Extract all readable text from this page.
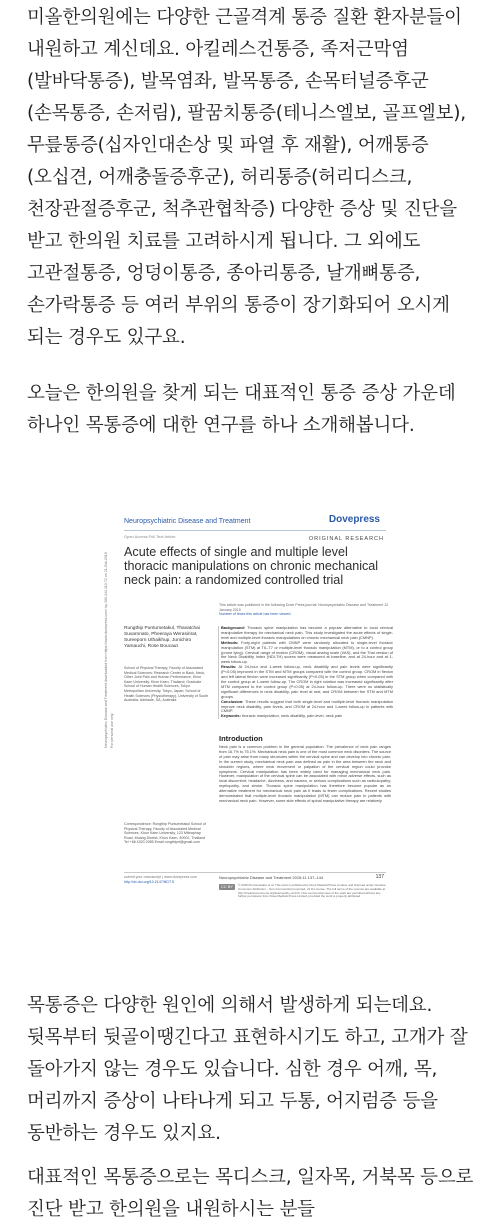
미올한의원에는 다양한 근골격계 통증 질환 환자분들이 내원하고 계신데요. 아킬레스건통증, 족저근막염(발바닥통증), 발목염좌, 발목통증, 손목터널증후군(손목통증, 손저림), 팔꿈치통증(테니스엘보, 골프엘보), 무릎통증(십자인대손상 및 파열 후 재활), 어깨통증(오십견, 어깨충돌증후군), 허리통증(허리디스크, 천장관절증후군, 척추관협착증) 다양한 증상 및 진단을 받고 한의원 치료를 고려하시게 됩니다. 그 외에도 고관절통증, 엉덩이통증, 종아리통증, 날개뼈통증, 손가락통증 등 여러 부위의 통증이 장기화되어 오시게 되는 경우도 있구요.

오늘은 한의원을 찾게 되는 대표적인 통증 증상 가운데 하나인 목통증에 대한 연구를 하나 소개해봅니다.

Neuropsychiatric Disease and Treatment	Dovepress
Open Access Full Text Article	ORIGINAL RESEARCH
Acute effects of single and multiple level thoracic manipulations on chronic mechanical neck pain: a randomized controlled trial
Neuropsychiatric Disease and Treatment downloaded from https://www.dovepress.com/ by 106.241.110.72 on 21-Oct-2019 For personal use only.
This article was published in the following Dove Press journal: Neuropsychiatric Disease and Treatment 12 January 2015
Number of times this article has been viewed
Rungthip Puntumetakul, Thavatchai Suvarnnato, Pheeraya Werasirirat, Sureeporn Uthaikhup, Junichiro Yamauchi, Rose Boucaut
School of Physical Therapy, Faculty of Associated Medical Sciences; Research Center in Back, Neck, Other Joint Pain and Human Performance, Khon Kaen University, Khon Kaen, Thailand; Graduate School of Human Health Sciences, Tokyo Metropolitan University, Tokyo, Japan; School of Health Sciences (Physiotherapy), University of South Australia, Adelaide, SA, Australia
Background: Thoracic spine manipulation has become a popular alternative to local cervical manipulative therapy for mechanical neck pain. This study investigated the acute effects of single-level and multiple-level thoracic manipulations on chronic mechanical neck pain (CMNP).
Methods: Forty-eight patients with CMNP were randomly allocated to single-level thoracic manipulation (STM) at T6–T7 or multiple-level thoracic manipulation (MTM), or to a control group (prone lying). Cervical range of motion (CROM), visual analog scale (VAS), and the Thai version of the Neck Disability Index (NDI-TH) scores were measured at baseline, and at 24-hour and at 1-week follow-up.
Results: At 24-hour and 1-week follow-up, neck disability and pain levels were significantly (P<0.05) improved in the STM and MTM groups compared with the control group. CROM in flexion and left lateral flexion were increased significantly (P<0.05) in the STM group when compared with the control group at 1-week follow-up. The CROM in right rotation was increased significantly after MTM compared to the control group (P<0.05) at 24-hour follow-up. There were no statistically significant differences in neck disability, pain level at rest, and CROM between the STM and MTM groups.
Conclusion: These results suggest that both single-level and multiple-level thoracic manipulation improve neck disability, pain levels, and CROM at 24-hour and 1-week follow-up in patients with CMNP.
Keywords: thoracic manipulation, neck disability, pain level, neck pain
Introduction
Neck pain is a common problem in the general population. The prevalence of neck pain ranges from 16.7% to 75.1%. Mechanical neck pain is one of the most common neck disorders. The source of pain may arise from many structures within the cervical spine and can develop into chronic pain. In the current study, mechanical neck pain was defined as pain in the area between the neck and shoulder regions, where neck movement or palpation of the cervical region could provoke symptoms. Cervical manipulation has been widely used for managing mechanical neck pain. However, manipulation of the cervical spine can be associated with minor adverse effects, such as local discomfort, headache, dizziness, and nausea, or serious complications such as radiculopathy, myelopathy, and stroke. Thoracic spine manipulation has therefore become popular as an alternative treatment for mechanical neck pain as it leads to fewer complications. Recent studies demonstrated that multiple-level thoracic manipulation (MTM) can reduce pain in patients with mechanical neck pain. However, some side effects of spinal manipulative therapy are relatively
Correspondence: Rungthip Puntumetakul School of Physical Therapy, Faculty of Associated Medical Sciences, Khon Kaen University, 123 Mittraphap Road, Muang District, Khon Kaen, 40002, Thailand Tel +66 4320 2085 Email rungthiprt@gmail.com
submit your manuscript | www.dovepress.com
http://dx.doi.org/10.2147/NDT.S
Neuropsychiatric Disease and Treatment 2015:11 137–144	137
CC BY NC
© 2015 Puntumetakul et al. This work is published by Dove Medical Press Limited, and licensed under Creative Commons Attribution – Non Commercial (unported, v3.0) License. The full terms of the License are available at http://creativecommons.org/licenses/by-nc/3.0/. Non-commercial uses of the work are permitted without any further permission from Dove Medical Press Limited, provided the work is properly attributed.

목통증은 다양한 원인에 의해서 발생하게 되는데요. 뒷목부터 뒷골이땡긴다고 표현하시기도 하고, 고개가 잘 돌아가지 않는 경우도 있습니다. 심한 경우 어깨, 목, 머리까지 증상이 나타나게 되고 두통, 어지럼증 등을 동반하는 경우도 있지요.

대표적인 목통증으로는 목디스크, 일자목, 거북목 등으로 진단 받고 한의원을 내원하시는 분들
